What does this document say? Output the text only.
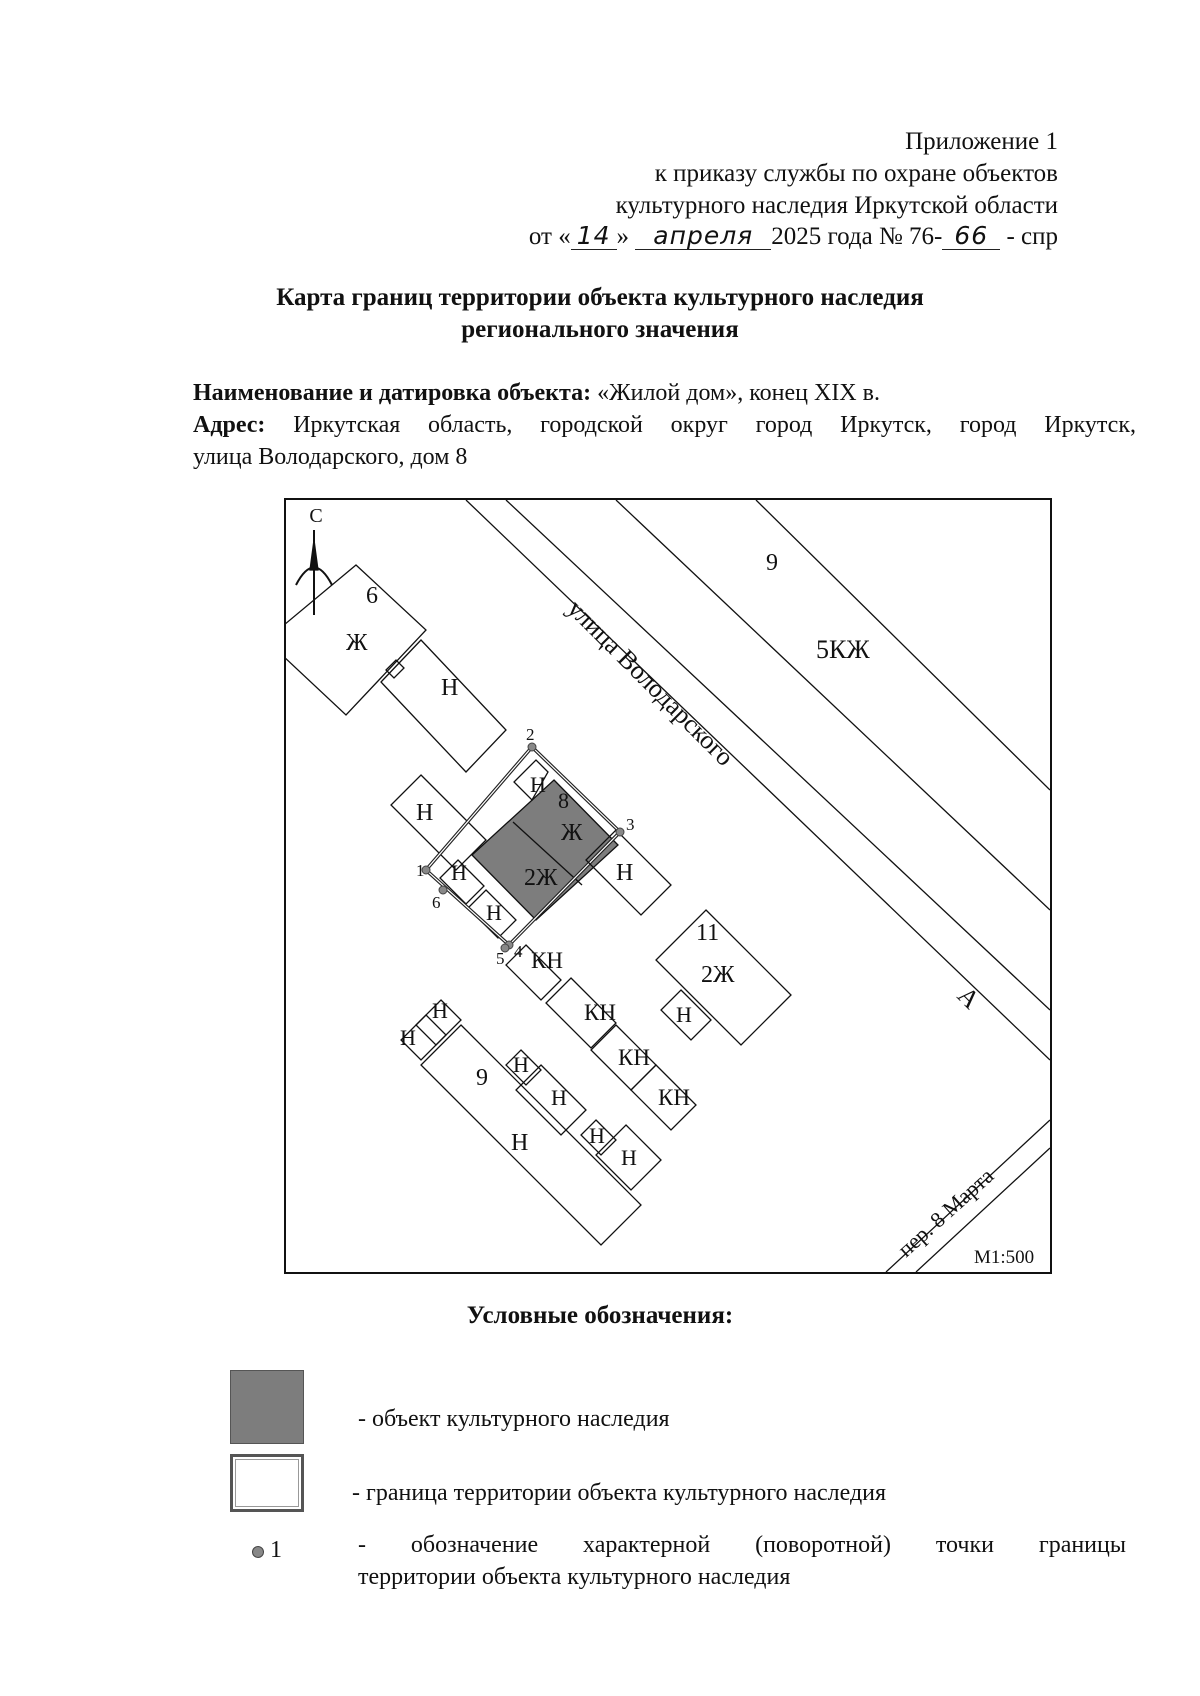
Приложение 1
к приказу службы по охране объектов
культурного наследия Иркутской области
от « 14 » апреля 2025 года № 76- 66 - спр
Карта границ территории объекта культурного наследия
регионального значения
Наименование и датировка объекта: «Жилой дом», конец XIX в.
Адрес: Иркутская область, городской округ город Иркутск, город Иркутск,
улица Володарского, дом 8
С
улица Володарского
пер. 8 Марта
М1:500
А
6
Ж
Н
9
5КЖ
Н	8
Ж
2Ж
Н
Н
Н
Н
11
2Ж
Н
КН
КН
КН
КН
9
Н
Н
Н
Н
Н
Н
Н
1
2
3
4
5
6
Условные обозначения:
- объект культурного наследия
- граница территории объекта культурного наследия
1	- обозначение характерной (поворотной) точки границы
территории объекта культурного наследия
